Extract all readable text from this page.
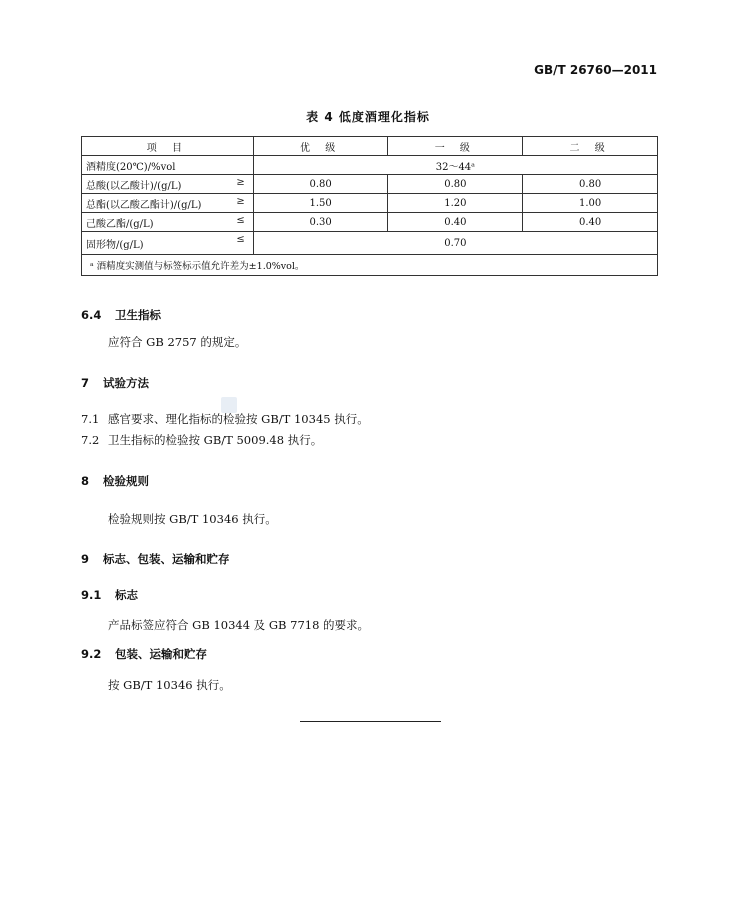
GB/T 26760—2011
表 4 低度酒理化指标
项 目	优 级	一 级	二 级
酒精度(20℃)/%vol	32～44ᵃ		
总酸(以乙酸计)/(g/L) ≥	0.80	0.80	0.80
总酯(以乙酸乙酯计)/(g/L) ≥	1.50	1.20	1.00
己酸乙酯/(g/L) ≤	0.30	0.40	0.40
固形物/(g/L) ≤	0.70		
ᵃ 酒精度实测值与标签标示值允许差为±1.0%vol。			
6.4 卫生指标
应符合 GB 2757 的规定。
7 试验方法
7.1 感官要求、理化指标的检验按 GB/T 10345 执行。
7.2 卫生指标的检验按 GB/T 5009.48 执行。
8 检验规则
检验规则按 GB/T 10346 执行。
9 标志、包装、运输和贮存
9.1 标志
产品标签应符合 GB 10344 及 GB 7718 的要求。
9.2 包装、运输和贮存
按 GB/T 10346 执行。
